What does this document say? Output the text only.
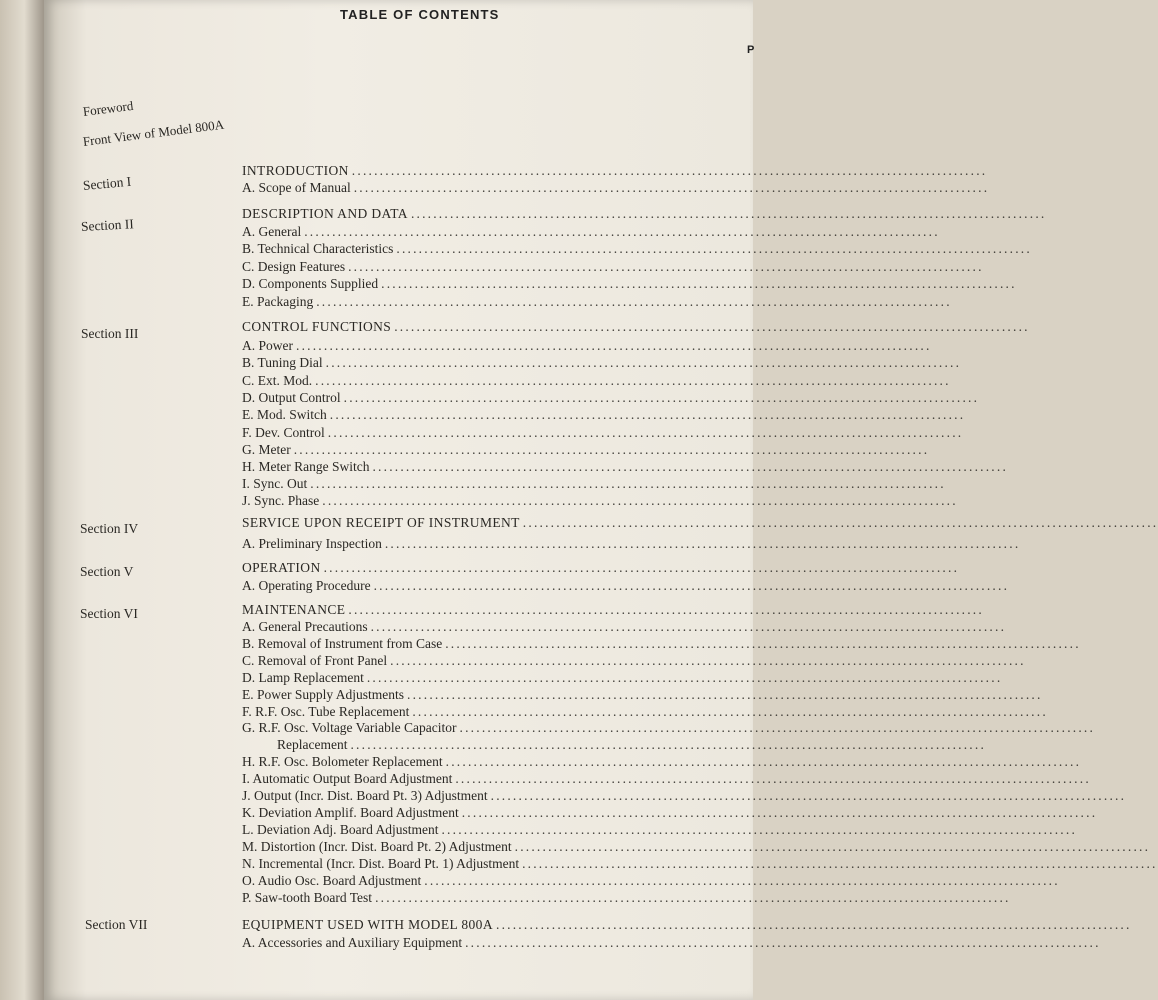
TABLE OF CONTENTS
P
Foreword
Front View of Model 800A
Section I
Section II
Section III
Section IV
Section V
Section VI
Section VII
INTRODUCTION ..................................................................................................................
A. Scope of Manual ..................................................................................................................
DESCRIPTION AND DATA ..................................................................................................................
A. General ..................................................................................................................
B. Technical Characteristics ..................................................................................................................
C. Design Features ..................................................................................................................
D. Components Supplied ..................................................................................................................
E. Packaging ..................................................................................................................
CONTROL FUNCTIONS ..................................................................................................................
A. Power ..................................................................................................................
B. Tuning Dial ..................................................................................................................
C. Ext. Mod. ..................................................................................................................
D. Output Control ..................................................................................................................
E. Mod. Switch ..................................................................................................................
F. Dev. Control ..................................................................................................................
G. Meter ..................................................................................................................
H. Meter Range Switch ..................................................................................................................
I. Sync. Out ..................................................................................................................
J. Sync. Phase ..................................................................................................................
SERVICE UPON RECEIPT OF INSTRUMENT ..................................................................................................................
A. Preliminary Inspection ..................................................................................................................
OPERATION ..................................................................................................................
A. Operating Procedure ..................................................................................................................
MAINTENANCE ..................................................................................................................
A. General Precautions ..................................................................................................................
B. Removal of Instrument from Case ..................................................................................................................
C. Removal of Front Panel ..................................................................................................................
D. Lamp Replacement ..................................................................................................................
E. Power Supply Adjustments ..................................................................................................................
F. R.F. Osc. Tube Replacement ..................................................................................................................
G. R.F. Osc. Voltage Variable Capacitor ..................................................................................................................
Replacement ..................................................................................................................
H. R.F. Osc. Bolometer Replacement ..................................................................................................................
I. Automatic Output Board Adjustment ..................................................................................................................
J. Output (Incr. Dist. Board Pt. 3) Adjustment ..................................................................................................................
K. Deviation Amplif. Board Adjustment ..................................................................................................................
L. Deviation Adj. Board Adjustment ..................................................................................................................
M. Distortion (Incr. Dist. Board Pt. 2) Adjustment ..................................................................................................................
N. Incremental (Incr. Dist. Board Pt. 1) Adjustment ..................................................................................................................
O. Audio Osc. Board Adjustment ..................................................................................................................
P. Saw-tooth Board Test ..................................................................................................................
EQUIPMENT USED WITH MODEL 800A ..................................................................................................................
A. Accessories and Auxiliary Equipment ..................................................................................................................
